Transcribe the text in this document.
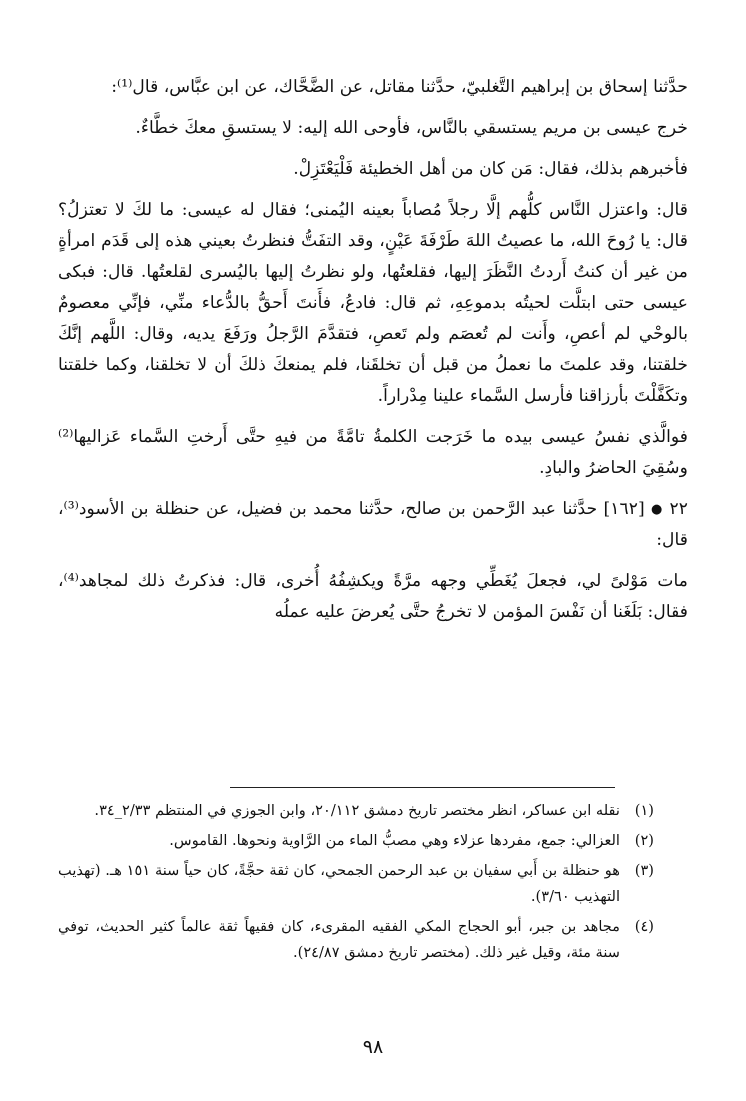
حدَّثنا إسحاق بن إبراهيم التَّغلبيّ، حدَّثنا مقاتل، عن الضَّحَّاك، عن ابن عبَّاس، قال⁽¹⁾:

خرج عيسى بن مريم يستسقي بالنَّاس، فأوحى الله إليه: لا يستسقِ معكَ خطَّاءٌ.

فأخبرهم بذلك، فقال: مَن كان من أهل الخطيئة فَلْيَعْتَزِلْ.

قال: واعتزل النَّاس كلُّهم إلَّا رجلاً مُصاباً بعينه اليُمنى؛ فقال له عيسى: ما لكَ لا تعتزلُ؟ قال: يا رُوحَ الله، ما عصيتُ اللهَ طَرْفَةَ عَيْنٍ، وقد التفَتُّ فنظرتُ بعيني هذه إلى قَدَم امرأةٍ من غير أن كنتُ أَردتُ النَّظَرَ إليها، فقلعتُها، ولو نظرتُ إليها باليُسرى لقلعتُها. قال: فبكى عيسى حتى ابتلَّت لحيتُه بدموعِهِ، ثم قال: فادعُ، فأَنتَ أَحقُّ بالدُّعاء منِّي، فإنِّي معصومٌ بالوحْي لم أعصِ، وأَنت لم تُعصَم ولم تَعصِ، فتقدَّمَ الرَّجلُ ورَفَعَ يديه، وقال: اللَّهم إنَّكَ خلقتنا، وقد علمتَ ما نعملُ من قبل أن تخلقَنا، فلم يمنعكَ ذلكَ أن لا تخلقنا، وكما خلقتنا وتكَفَّلْتَ بأرزاقنا فأرسل السَّماء علينا مِدْراراً.

فوالَّذي نفسُ عيسى بيده ما خَرَجت الكلمةُ تامَّةً من فيهِ حتَّى أَرختِ السَّماء عَزاليها⁽²⁾ وسُقِيَ الحاضرُ والبادِ.

٢٢ ● [١٦٢] حدَّثنا عبد الرَّحمن بن صالح، حدَّثنا محمد بن فضيل، عن حنظلة بن الأسود⁽³⁾، قال:

مات مَوْلىً لي، فجعلَ يُغَطِّي وجهه مرَّةً ويكشِفُهُ أُخرى، قال: فذكرتُ ذلك لمجاهد⁽⁴⁾، فقال: بَلَغَنا أن نَفْسَ المؤمن لا تخرجُ حتَّى يُعرضَ عليه عملُه

(١)
نقله ابن عساكر، انظر مختصر تاريخ دمشق ٢٠/١١٢، وابن الجوزي في المنتظم ٢/٣٣_٣٤.
(٢)
العزالي: جمع، مفردها عزلاء وهي مصبُّ الماء من الرَّاوية ونحوها. القاموس.
(٣)
هو حنظلة بن أَبي سفيان بن عبد الرحمن الجمحي، كان ثقة حجَّةً، كان حياً سنة ١٥١ هـ. (تهذيب التهذيب ٣/٦٠).
(٤)
مجاهد بن جبر، أبو الحجاج المكي الفقيه المقرىء، كان فقيهاً ثقة عالماً كثير الحديث، توفي سنة مئة، وقيل غير ذلك. (مختصر تاريخ دمشق ٢٤/٨٧).
٩٨
